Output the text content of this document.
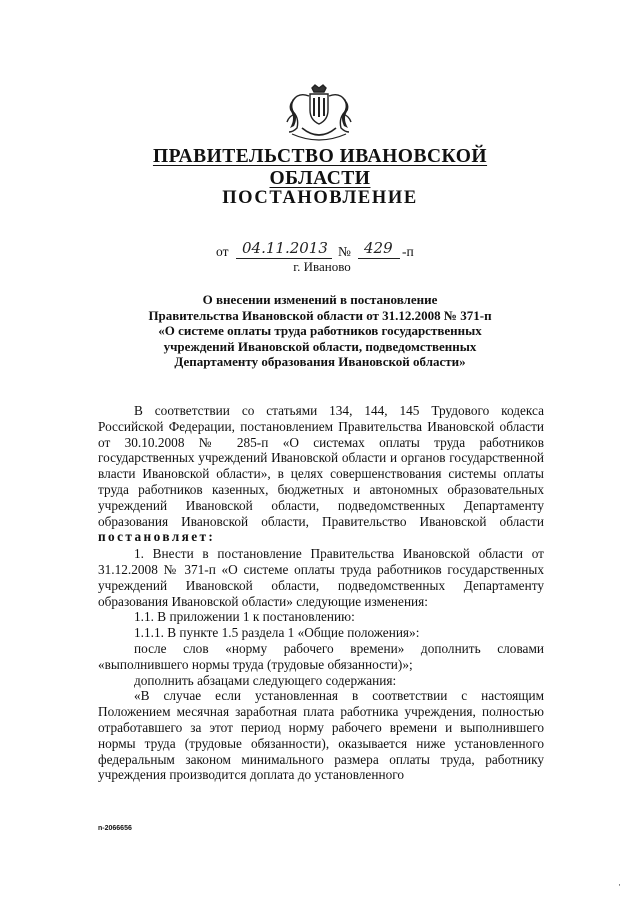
ПРАВИТЕЛЬСТВО ИВАНОВСКОЙ ОБЛАСТИ
ПОСТАНОВЛЕНИЕ
от 04.11.2013 № 429 -п
г. Иваново
О внесении изменений в постановление
Правительства Ивановской области от 31.12.2008 № 371-п
«О системе оплаты труда работников государственных
учреждений Ивановской области, подведомственных
Департаменту образования Ивановской области»

В соответствии со статьями 134, 144, 145 Трудового кодекса Российской Федерации, постановлением Правительства Ивановской области от 30.10.2008 № 285-п «О системах оплаты труда работников государственных учреждений Ивановской области и органов государственной власти Ивановской области», в целях совершенствования системы оплаты труда работников казенных, бюджетных и автономных образовательных учреждений Ивановской области, подведомственных Департаменту образования Ивановской области, Правительство Ивановской области постановляет:

1. Внести в постановление Правительства Ивановской области от 31.12.2008 № 371-п «О системе оплаты труда работников государственных учреждений Ивановской области, подведомственных Департаменту образования Ивановской области» следующие изменения:

1.1. В приложении 1 к постановлению:

1.1.1. В пункте 1.5 раздела 1 «Общие положения»:

после слов «норму рабочего времени» дополнить словами «выполнившего нормы труда (трудовые обязанности)»;

дополнить абзацами следующего содержания:

«В случае если установленная в соответствии с настоящим Положением месячная заработная плата работника учреждения, полностью отработавшего за этот период норму рабочего времени и выполнившего нормы труда (трудовые обязанности), оказывается ниже установленного федеральным законом минимального размера оплаты труда, работнику учреждения производится доплата до установленного

n-2066656
·
